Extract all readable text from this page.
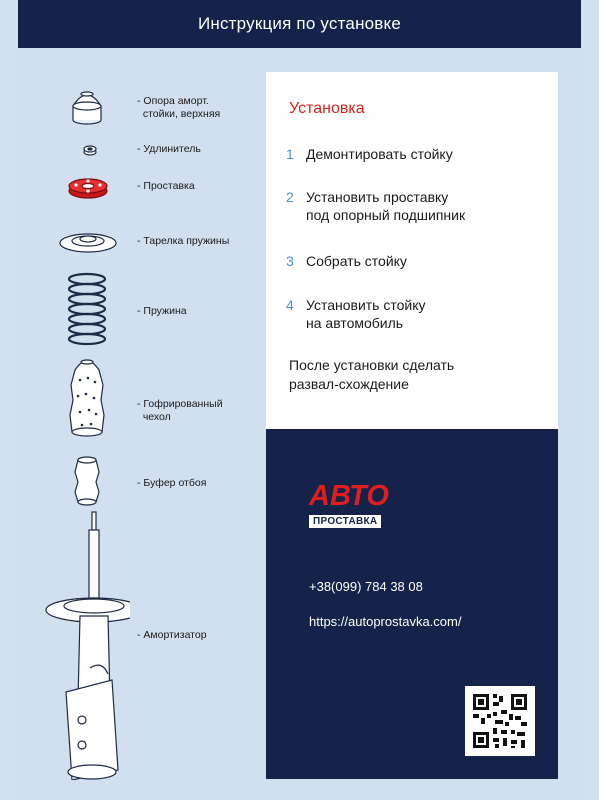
Инструкция по установке
- Опора аморт.
стойки, верхняя
- Удлинитель
- Проставка
- Тарелка пружины
- Пружина
- Гофрированный
чехол
- Буфер отбоя
- Амортизатор
Установка
1 Демонтировать стойку
2 Установить проставку
под опорный подшипник
3 Собрать стойку
4 Установить стойку
на автомобиль
После установки сделать
развал-схождение
АВТО
ПРОСТАВКА
+38(099) 784 38 08
https://autoprostavka.com/
